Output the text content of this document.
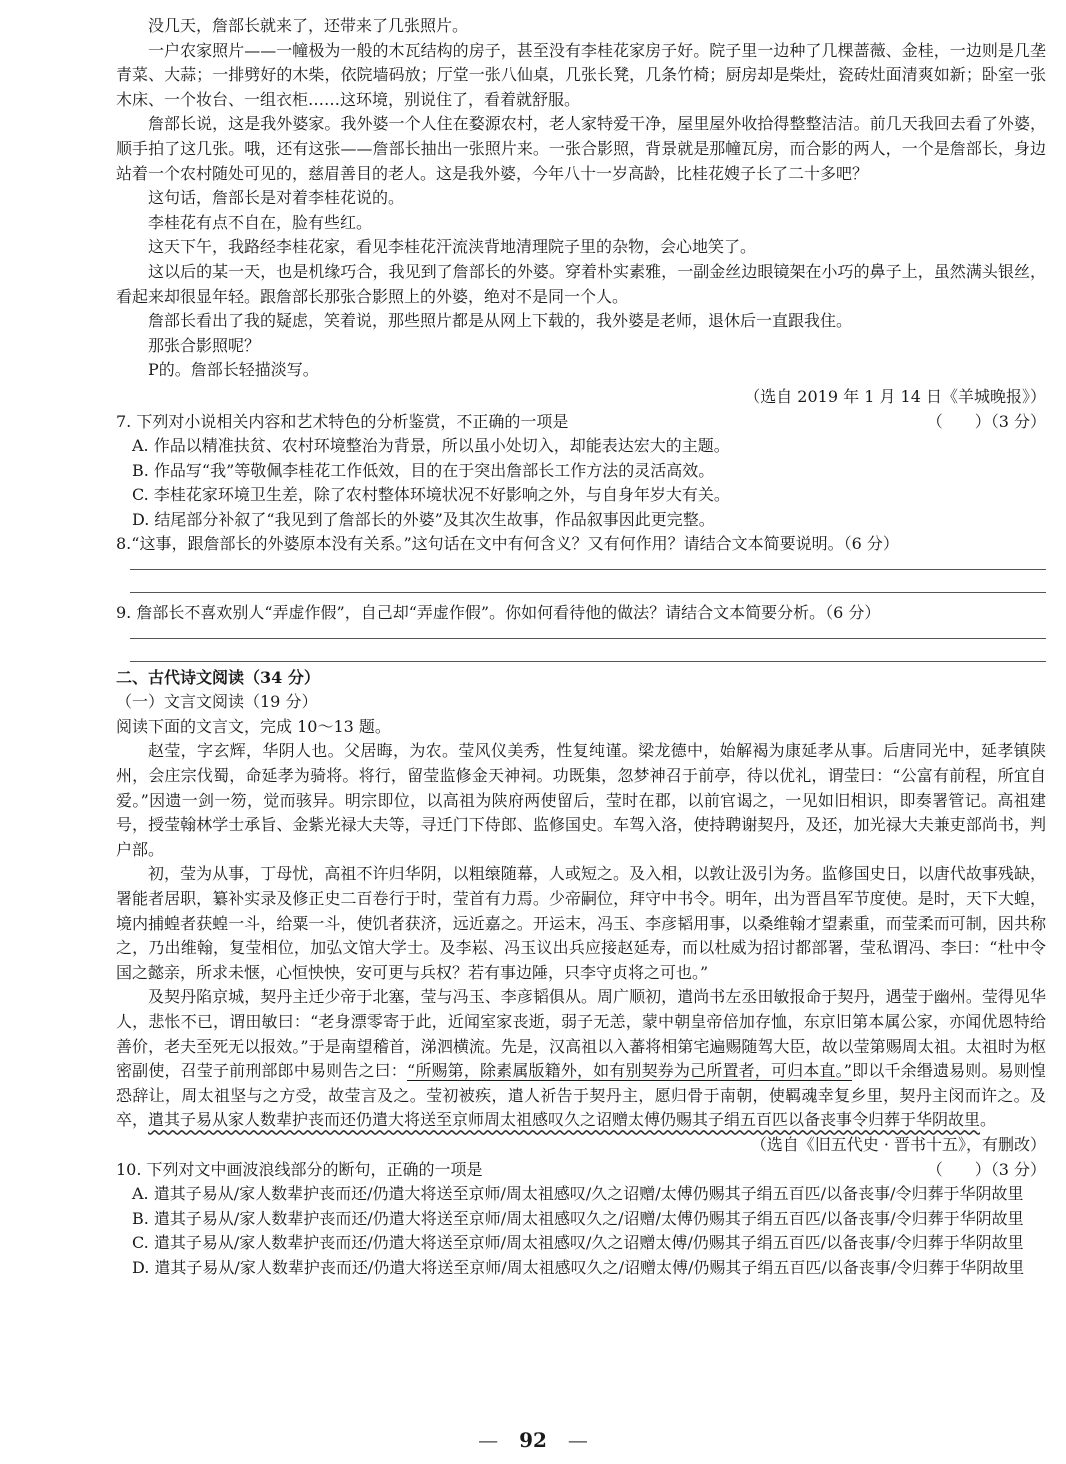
没几天，詹部长就来了，还带来了几张照片。

一户农家照片——一幢极为一般的木瓦结构的房子，甚至没有李桂花家房子好。院子里一边种了几棵蔷薇、金桂，一边则是几垄青菜、大蒜；一排劈好的木柴，依院墙码放；厅堂一张八仙桌，几张长凳，几条竹椅；厨房却是柴灶，瓷砖灶面清爽如新；卧室一张木床、一个妆台、一组衣柜……这环境，别说住了，看着就舒服。

詹部长说，这是我外婆家。我外婆一个人住在婺源农村，老人家特爱干净，屋里屋外收拾得整整洁洁。前几天我回去看了外婆，顺手拍了这几张。哦，还有这张——詹部长抽出一张照片来。一张合影照，背景就是那幢瓦房，而合影的两人，一个是詹部长，身边站着一个农村随处可见的，慈眉善目的老人。这是我外婆，今年八十一岁高龄，比桂花嫂子长了二十多吧？

这句话，詹部长是对着李桂花说的。

李桂花有点不自在，脸有些红。

这天下午，我路经李桂花家，看见李桂花汗流浃背地清理院子里的杂物，会心地笑了。

这以后的某一天，也是机缘巧合，我见到了詹部长的外婆。穿着朴实素雅，一副金丝边眼镜架在小巧的鼻子上，虽然满头银丝，看起来却很显年轻。跟詹部长那张合影照上的外婆，绝对不是同一个人。

詹部长看出了我的疑虑，笑着说，那些照片都是从网上下载的，我外婆是老师，退休后一直跟我住。

那张合影照呢？

P的。詹部长轻描淡写。

（选自 2019 年 1 月 14 日《羊城晚报》）

7. 下列对小说相关内容和艺术特色的分析鉴赏，不正确的一项是	（　　）（3 分）

A. 作品以精准扶贫、农村环境整治为背景，所以虽小处切入，却能表达宏大的主题。

B. 作品写“我”等敬佩李桂花工作低效，目的在于突出詹部长工作方法的灵活高效。

C. 李桂花家环境卫生差，除了农村整体环境状况不好影响之外，与自身年岁大有关。

D. 结尾部分补叙了“我见到了詹部长的外婆”及其次生故事，作品叙事因此更完整。

8.“这事，跟詹部长的外婆原本没有关系。”这句话在文中有何含义？又有何作用？请结合文本简要说明。（6 分）
9. 詹部长不喜欢别人“弄虚作假”，自己却“弄虚作假”。你如何看待他的做法？请结合文本简要分析。（6 分）

二、古代诗文阅读（34 分）

（一）文言文阅读（19 分）

阅读下面的文言文，完成 10～13 题。

赵莹，字玄辉，华阴人也。父居晦，为农。莹风仪美秀，性复纯谨。梁龙德中，始解褐为康延孝从事。后唐同光中，延孝镇陕州，会庄宗伐蜀，命延孝为骑将。将行，留莹监修金天神祠。功既集，忽梦神召于前亭，待以优礼，谓莹曰：“公富有前程，所宜自爱。”因遗一剑一笏，觉而骇异。明宗即位，以高祖为陕府两使留后，莹时在郡，以前官谒之，一见如旧相识，即奏署管记。高祖建号，授莹翰林学士承旨、金紫光禄大夫等，寻迁门下侍郎、监修国史。车驾入洛，使持聘谢契丹，及还，加光禄大夫兼吏部尚书，判户部。

初，莹为从事，丁母忧，高祖不许归华阴，以粗缞随幕，人或短之。及入相，以敦让汲引为务。监修国史日，以唐代故事残缺，署能者居职，纂补实录及修正史二百卷行于时，莹首有力焉。少帝嗣位，拜守中书令。明年，出为晋昌军节度使。是时，天下大蝗，境内捕蝗者获蝗一斗，给粟一斗，使饥者获济，远近嘉之。开运末，冯玉、李彦韬用事，以桑维翰才望素重，而莹柔而可制，因共称之，乃出维翰，复莹相位，加弘文馆大学士。及李崧、冯玉议出兵应接赵延寿，而以杜威为招讨都部署，莹私谓冯、李曰：“杜中令国之懿亲，所求未惬，心恒怏怏，安可更与兵权？若有事边陲，只李守贞将之可也。”

及契丹陷京城，契丹主迁少帝于北塞，莹与冯玉、李彦韬俱从。周广顺初，遣尚书左丞田敏报命于契丹，遇莹于幽州。莹得见华人，悲怅不已，谓田敏曰：“老身漂零寄于此，近闻室家丧逝，弱子无恙，蒙中朝皇帝倍加存恤，东京旧第本属公家，亦闻优恩特给善价，老夫至死无以报效。”于是南望稽首，涕泗横流。先是，汉高祖以入蕃将相第宅遍赐随驾大臣，故以莹第赐周太祖。太祖时为枢密副使，召莹子前刑部郎中易则告之曰：“所赐第，除素属版籍外，如有别契券为己所置者，可归本直。”即以千余缗遗易则。易则惶恐辞让，周太祖坚与之方受，故莹言及之。莹初被疾，遣人祈告于契丹主，愿归骨于南朝，使羁魂幸复乡里，契丹主闵而许之。及卒，遣其子易从家人数辈护丧而还仍遣大将送至京师周太祖感叹久之诏赠太傅仍赐其子绢五百匹以备丧事令归葬于华阴故里。

（选自《旧五代史 · 晋书十五》，有删改）

10. 下列对文中画波浪线部分的断句，正确的一项是	（　　）（3 分）

A. 遣其子易从/家人数辈护丧而还/仍遣大将送至京师/周太祖感叹/久之诏赠/太傅仍赐其子绢五百匹/以备丧事/令归葬于华阴故里

B. 遣其子易从/家人数辈护丧而还/仍遣大将送至京师/周太祖感叹久之/诏赠/太傅仍赐其子绢五百匹/以备丧事/令归葬于华阴故里

C. 遣其子易从/家人数辈护丧而还/仍遣大将送至京师/周太祖感叹/久之诏赠太傅/仍赐其子绢五百匹/以备丧事/令归葬于华阴故里

D. 遣其子易从/家人数辈护丧而还/仍遣大将送至京师/周太祖感叹久之/诏赠太傅/仍赐其子绢五百匹/以备丧事/令归葬于华阴故里

— 92 —
